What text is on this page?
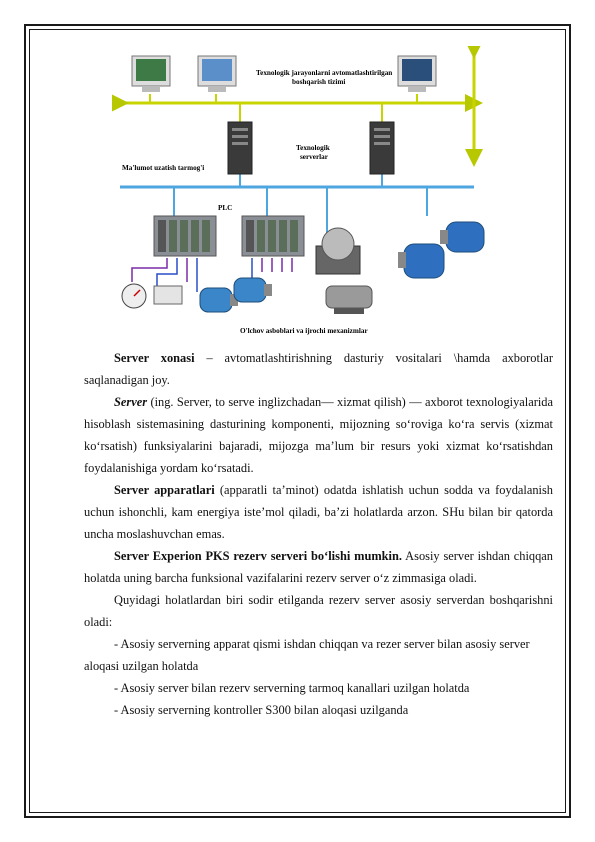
Texnologik jarayonlarni avtomatlashtirilgan
boshqarish tizimi
Ma'lumot uzatish tarmog'i
Texnologik
serverlar
PLC
O'lchov asboblari va ijrochi mexanizmlar

Server xonasi – avtomatlashtirishning dasturiy vositalari \hamda axborotlar saqlanadigan joy.

Server (ing. Server, to serve inglizchadan— xizmat qilish) — axborot texnologiyalarida hisoblash sistemasining dasturining komponenti, mijozning so‘roviga ko‘ra servis (xizmat ko‘rsatish) funksiyalarini bajaradi, mijozga ma’lum bir resurs yoki xizmat ko‘rsatishdan foydalanishiga yordam ko‘rsatadi.

Server apparatlari (apparatli ta’minot) odatda ishlatish uchun sodda va foydalanish uchun ishonchli, kam energiya iste’mol qiladi, ba’zi holatlarda arzon. SHu bilan bir qatorda uncha moslashuvchan emas.

Server Experion PKS rezerv serveri bo‘lishi mumkin. Asosiy server ishdan chiqqan holatda uning barcha funksional vazifalarini rezerv server o‘z zimmasiga oladi.

Quyidagi holatlardan biri sodir etilganda rezerv server asosiy serverdan boshqarishni oladi:

- Asosiy serverning apparat qismi ishdan chiqqan va rezer server bilan asosiy server aloqasi uzilgan holatda

- Asosiy server bilan rezerv serverning tarmoq kanallari uzilgan holatda

- Asosiy serverning kontroller S300 bilan aloqasi uzilganda
